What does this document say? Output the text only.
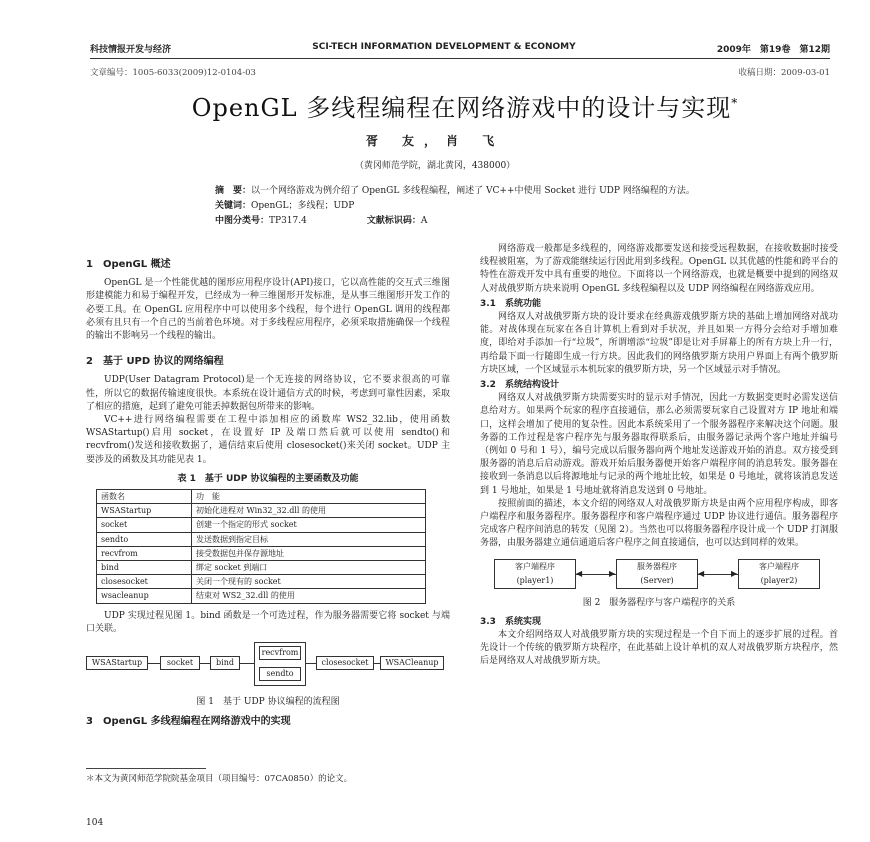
科技情报开发与经济	SCI-TECH INFORMATION DEVELOPMENT & ECONOMY	2009年　第19卷　第12期
文章编号：1005-6033(2009)12-0104-03	收稿日期：2009-03-01
OpenGL 多线程编程在网络游戏中的设计与实现*
胥 友，肖 飞
（黄冈师范学院，湖北黄冈，438000）
摘　要：以一个网络游戏为例介绍了 OpenGL 多线程编程，阐述了 VC++中使用 Socket 进行 UDP 网络编程的方法。
关键词：OpenGL；多线程；UDP
中图分类号：TP317.4	文献标识码：A
1　OpenGL 概述
OpenGL 是一个性能优越的图形应用程序设计(API)接口，它以高性能的交互式三维图形建模能力和易于编程开发，已经成为一种三维图形开发标准，是从事三维图形开发工作的必要工具。在 OpenGL 应用程序中可以使用多个线程，每个进行 OpenGL 调用的线程都必须有且只有一个自己的当前着色环境。对于多线程应用程序，必须采取措施确保一个线程的输出不影响另一个线程的输出。
2　基于 UPD 协议的网络编程
UDP(User Datagram Protocol)是一个无连接的网络协议，它不要求很高的可靠性，所以它的数据传输速度很快。本系统在设计通信方式的时候，考虑到可靠性因素，采取了相应的措施，起到了避免可能丢掉数据包所带来的影响。
VC++进行网络编程需要在工程中添加相应的函数库 WS2_32.lib，使用函数 WSAStartup()启用 socket，在设置好 IP 及端口然后就可以使用 sendto()和 recvfrom()发送和接收数据了，通信结束后使用 closesocket()来关闭 socket。UDP 主要涉及的函数及其功能见表 1。
表 1　基于 UDP 协议编程的主要函数及功能
函数名	功　能
WSAStartup	初始化进程对 Win32_32.dll 的使用
socket	创建一个指定的形式 socket
sendto	发送数据到指定目标
recvfrom	接受数据包并保存源地址
bind	绑定 socket 到端口
closesocket	关闭一个现有的 socket
wsacleanup	结束对 WS2_32.dll 的使用
UDP 实现过程见图 1。bind 函数是一个可选过程，作为服务器需要它将 socket 与端口关联。
WSAStartup	socket	bind
recvfrom
sendto
closesocket	WSACleanup
图 1　基于 UDP 协议编程的流程图
3　OpenGL 多线程编程在网络游戏中的实现
＊本文为黄冈师范学院院基金项目（项目编号：07CA0850）的论文。
104
网络游戏一般都是多线程的，网络游戏都要发送和接受远程数据，在接收数据时接受线程被阻塞，为了游戏能继续运行因此用到多线程。OpenGL 以其优越的性能和跨平台的特性在游戏开发中具有重要的地位。下面将以一个网络游戏，也就是概要中提到的网络双人对战俄罗斯方块来说明 OpenGL 多线程编程以及 UDP 网络编程在网络游戏应用。
3.1　系统功能
网络双人对战俄罗斯方块的设计要求在经典游戏俄罗斯方块的基础上增加网络对战功能。对战体现在玩家在各自计算机上看到对手状况，并且如果一方得分会给对手增加难度，即给对手添加一行“垃圾”，所谓增添“垃圾”即是让对手屏幕上的所有方块上升一行，再给最下面一行随即生成一行方块。因此我们的网络俄罗斯方块用户界面上有两个俄罗斯方块区域，一个区域显示本机玩家的俄罗斯方块，另一个区域显示对手情况。
3.2　系统结构设计
网络双人对战俄罗斯方块需要实时的显示对手情况，因此一方数据变更时必需发送信息给对方。如果两个玩家的程序直接通信，那么必须需要玩家自己设置对方 IP 地址和端口，这样会增加了使用的复杂性。因此本系统采用了一个服务器程序来解决这个问题。服务器的工作过程是客户程序先与服务器取得联系后，由服务器记录两个客户地址并编号（例如 0 号和 1 号），编号完成以后服务器向两个地址发送游戏开始的消息。双方接受到服务器的消息后启动游戏。游戏开始后服务器便开始客户端程序间的消息转发。服务器在接收到一条消息以后将源地址与记录的两个地址比较，如果是 0 号地址，就将该消息发送到 1 号地址，如果是 1 号地址就将消息发送到 0 号地址。
按照前面的描述，本文介绍的网络双人对战俄罗斯方块是由两个应用程序构成，即客户端程序和服务器程序。服务器程序和客户端程序通过 UDP 协议进行通信。服务器程序完成客户程序间消息的转发（见图 2）。当然也可以将服务器程序设计成一个 UDP 打洞服务器，由服务器建立通信通道后客户程序之间直接通信，也可以达到同样的效果。
客户端程序
(player1)
◀	▶
服务器程序
(Server)
◀	▶
客户端程序
(player2)
图 2　服务器程序与客户端程序的关系
3.3　系统实现
本文介绍网络双人对战俄罗斯方块的实现过程是一个自下而上的逐步扩展的过程。首先设计一个传统的俄罗斯方块程序，在此基础上设计单机的双人对战俄罗斯方块程序，然后是网络双人对战俄罗斯方块。
